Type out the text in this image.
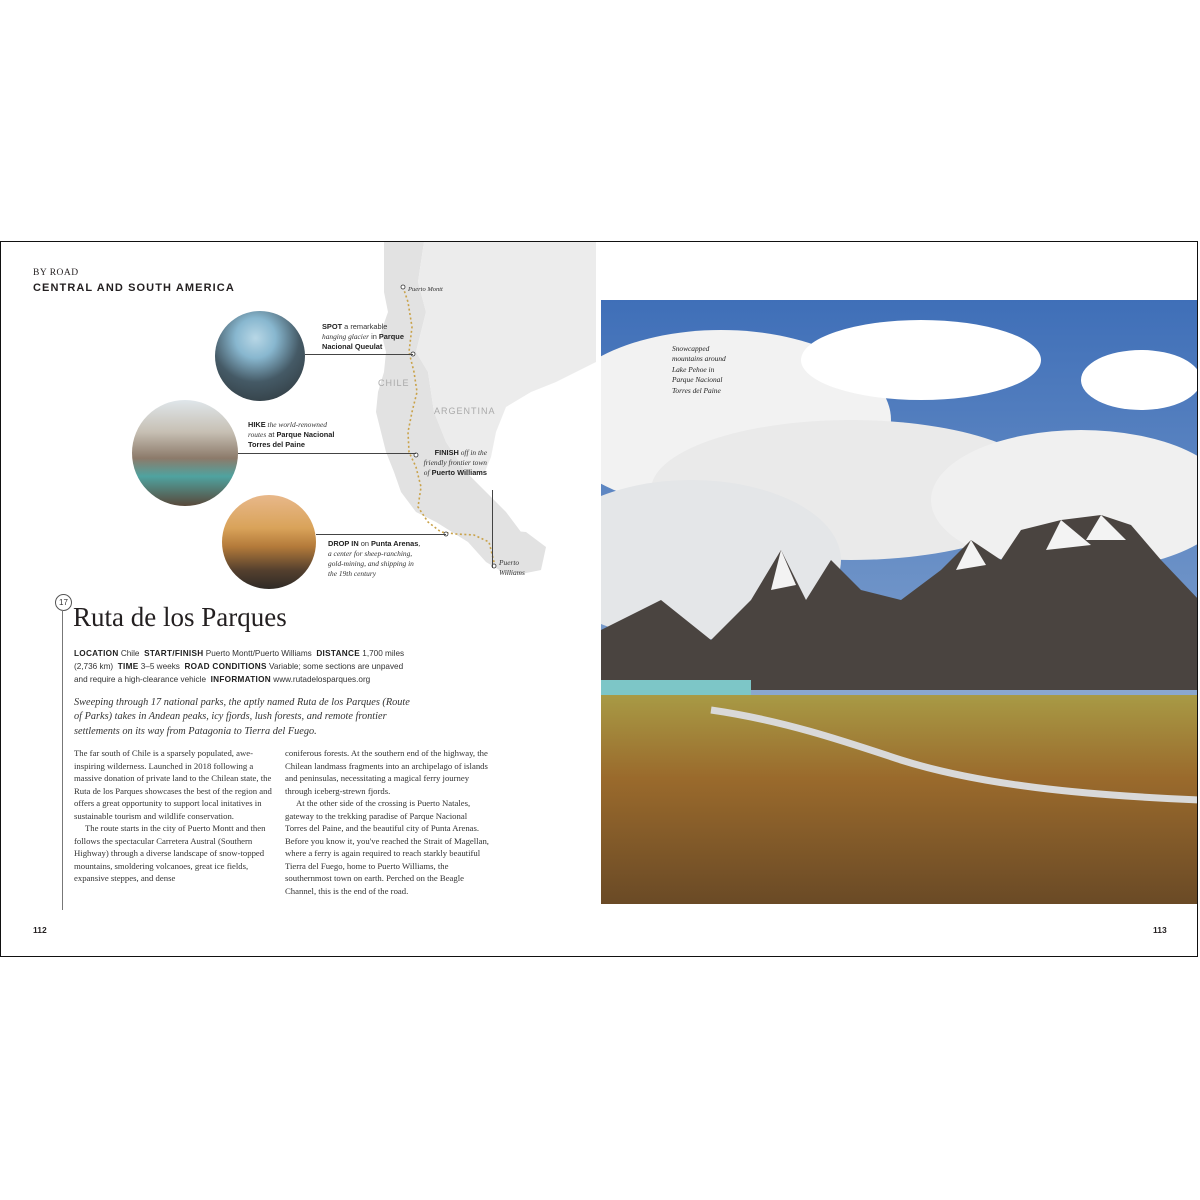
BY ROAD
CENTRAL AND SOUTH AMERICA
CHILE
ARGENTINA
Puerto Montt
SPOT a remarkable hanging glacier in Parque Nacional Queulat
HIKE the world-renowned routes at Parque Nacional Torres del Paine
FINISH off in the friendly frontier town of Puerto Williams
DROP IN on Punta Arenas, a center for sheep-ranching, gold-mining, and shipping in the 19th century
Puerto Williams
17 Ruta de los Parques
LOCATION Chile START/FINISH Puerto Montt/Puerto Williams DISTANCE 1,700 miles (2,736 km) TIME 3–5 weeks ROAD CONDITIONS Variable; some sections are unpaved and require a high-clearance vehicle INFORMATION www.rutadelosparques.org
Sweeping through 17 national parks, the aptly named Ruta de los Parques (Route of Parks) takes in Andean peaks, icy fjords, lush forests, and remote frontier settlements on its way from Patagonia to Tierra del Fuego.

The far south of Chile is a sparsely populated, awe-inspiring wilderness. Launched in 2018 following a massive donation of private land to the Chilean state, the Ruta de los Parques showcases the best of the region and offers a great opportunity to support local initatives in sustainable tourism and wildlife conservation.

The route starts in the city of Puerto Montt and then follows the spectacular Carretera Austral (Southern Highway) through a diverse landscape of snow-topped mountains, smoldering volcanoes, great ice fields, expansive steppes, and dense

coniferous forests. At the southern end of the highway, the Chilean landmass fragments into an archipelago of islands and peninsulas, necessitating a magical ferry journey through iceberg-strewn fjords.

At the other side of the crossing is Puerto Natales, gateway to the trekking paradise of Parque Nacional Torres del Paine, and the beautiful city of Punta Arenas. Before you know it, you've reached the Strait of Magellan, where a ferry is again required to reach starkly beautiful Tierra del Fuego, home to Puerto Williams, the southernmost town on earth. Perched on the Beagle Channel, this is the end of the road.

112
Snowcapped mountains around Lake Pehoe in Parque Nacional Torres del Paine
113
